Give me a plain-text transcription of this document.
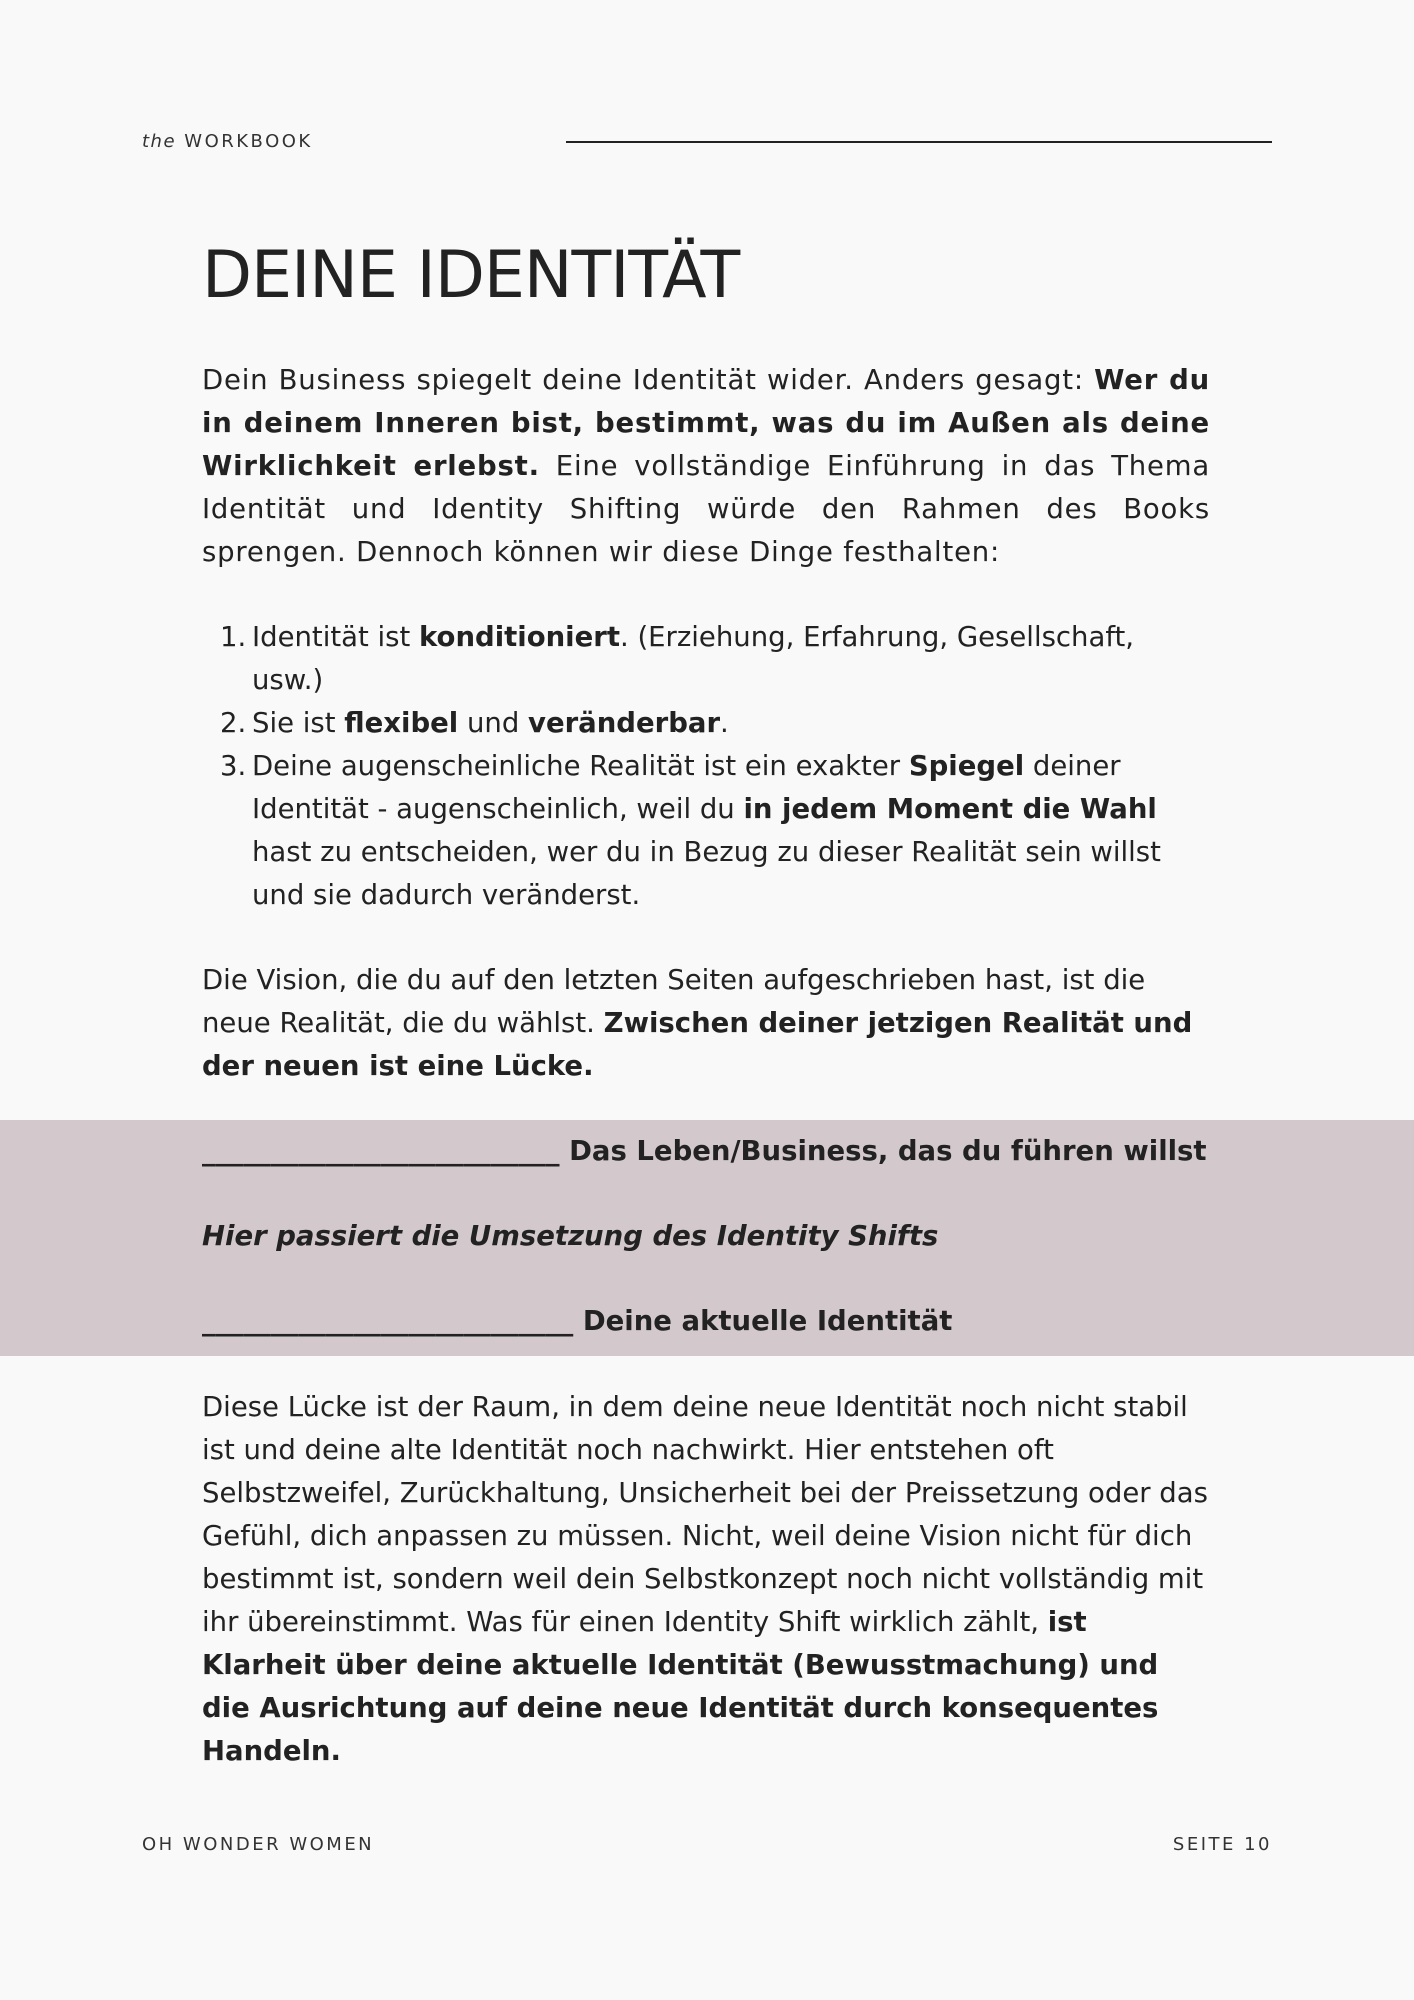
the WORKBOOK
DEINE IDENTITÄT

Dein Business spiegelt deine Identität wider. Anders gesagt: Wer du in deinem Inneren bist, bestimmt, was du im Außen als deine Wirklichkeit erlebst. Eine vollständige Einführung in das Thema Identität und Identity Shifting würde den Rahmen des Books sprengen. Dennoch können wir diese Dinge festhalten:

1. Identität ist konditioniert. (Erziehung, Erfahrung, Gesellschaft, usw.)
2. Sie ist flexibel und veränderbar.
3. Deine augenscheinliche Realität ist ein exakter Spiegel deiner Identität - augenscheinlich, weil du in jedem Moment die Wahl hast zu entscheiden, wer du in Bezug zu dieser Realität sein willst und sie dadurch veränderst.

Die Vision, die du auf den letzten Seiten aufgeschrieben hast, ist die neue Realität, die du wählst. Zwischen deiner jetzigen Realität und der neuen ist eine Lücke.

__________________________ Das Leben/Business, das du führen willst
Hier passiert die Umsetzung des Identity Shifts
___________________________ Deine aktuelle Identität

Diese Lücke ist der Raum, in dem deine neue Identität noch nicht stabil ist und deine alte Identität noch nachwirkt. Hier entstehen oft Selbstzweifel, Zurückhaltung, Unsicherheit bei der Preissetzung oder das Gefühl, dich anpassen zu müssen. Nicht, weil deine Vision nicht für dich bestimmt ist, sondern weil dein Selbstkonzept noch nicht vollständig mit ihr übereinstimmt. Was für einen Identity Shift wirklich zählt, ist Klarheit über deine aktuelle Identität (Bewusstmachung) und die Ausrichtung auf deine neue Identität durch konsequentes Handeln.

OH WONDER WOMEN	SEITE 10
